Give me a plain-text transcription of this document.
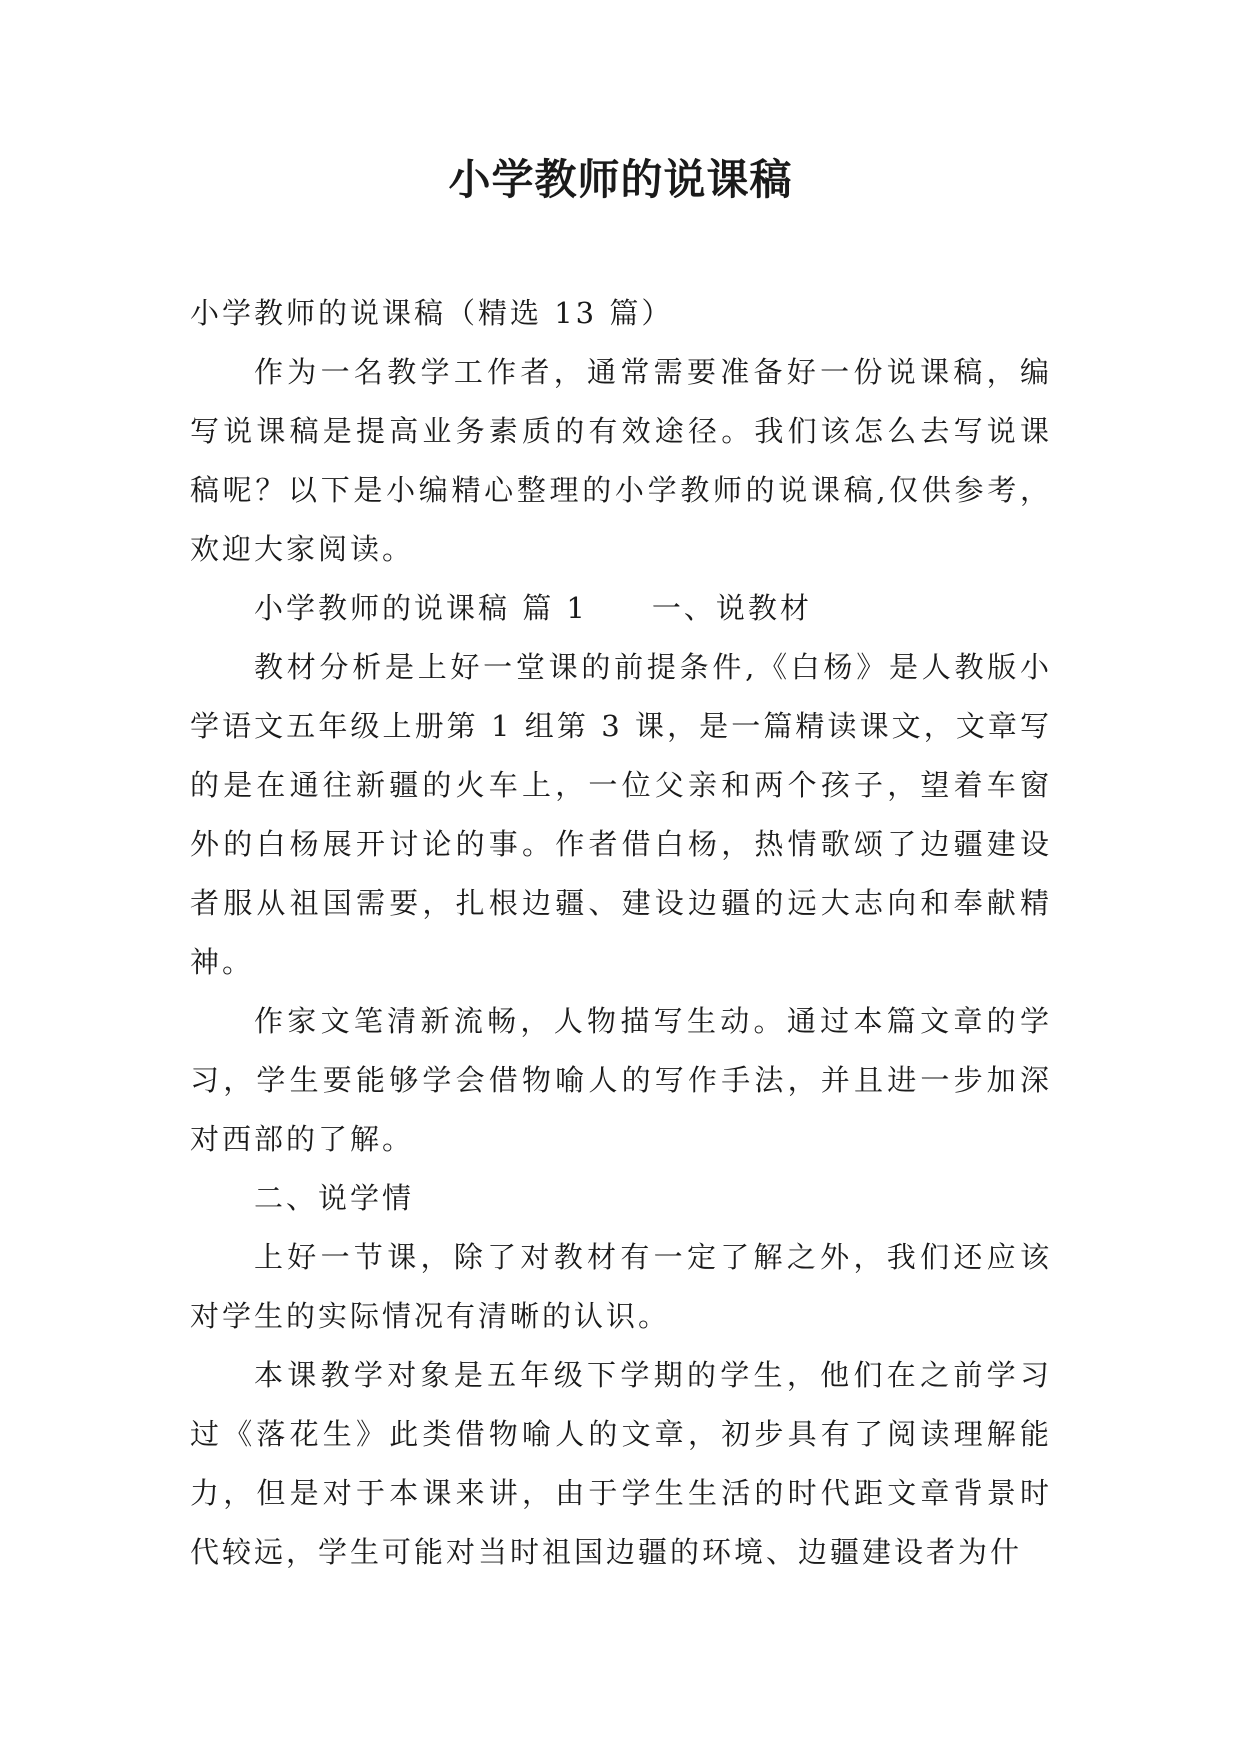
小学教师的说课稿

小学教师的说课稿（精选 13 篇）

作为一名教学工作者，通常需要准备好一份说课稿，编写说课稿是提高业务素质的有效途径。我们该怎么去写说课稿呢？以下是小编精心整理的小学教师的说课稿,仅供参考，欢迎大家阅读。

小学教师的说课稿 篇 1 一、说教材

教材分析是上好一堂课的前提条件,《白杨》是人教版小学语文五年级上册第 1 组第 3 课，是一篇精读课文，文章写的是在通往新疆的火车上，一位父亲和两个孩子，望着车窗外的白杨展开讨论的事。作者借白杨，热情歌颂了边疆建设者服从祖国需要，扎根边疆、建设边疆的远大志向和奉献精神。

作家文笔清新流畅，人物描写生动。通过本篇文章的学习，学生要能够学会借物喻人的写作手法，并且进一步加深对西部的了解。

二、说学情

上好一节课，除了对教材有一定了解之外，我们还应该对学生的实际情况有清晰的认识。

本课教学对象是五年级下学期的学生，他们在之前学习过《落花生》此类借物喻人的文章，初步具有了阅读理解能力，但是对于本课来讲，由于学生生活的时代距文章背景时代较远，学生可能对当时祖国边疆的环境、边疆建设者为什
